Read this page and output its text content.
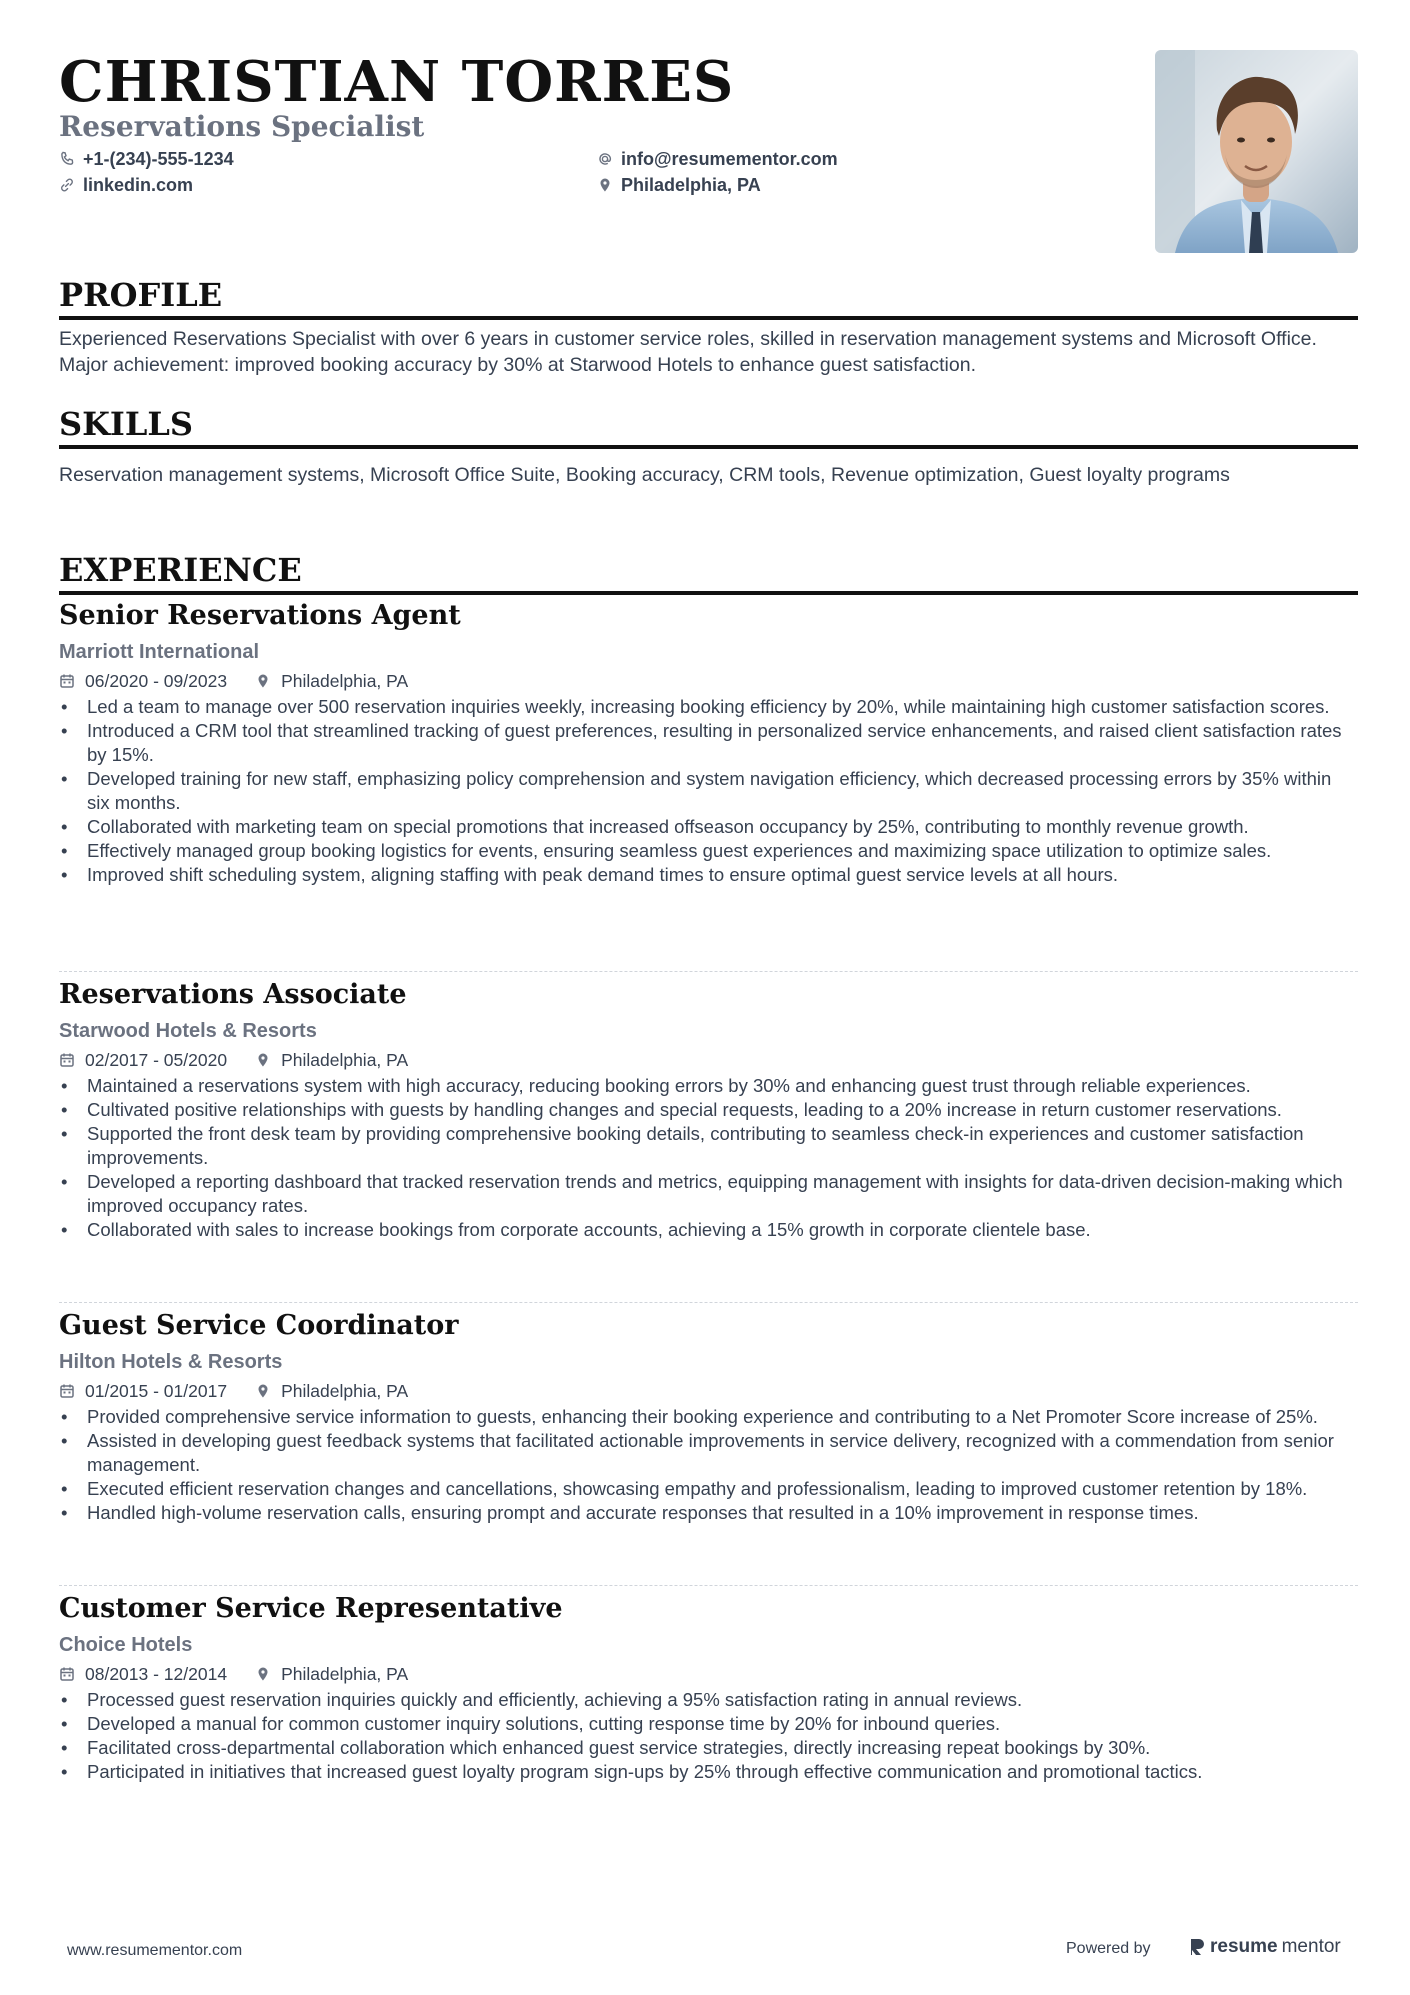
CHRISTIAN TORRES
Reservations Specialist
+1-(234)-555-1234	info@resumementor.com
linkedin.com	Philadelphia, PA
PROFILE

Experienced Reservations Specialist with over 6 years in customer service roles, skilled in reservation management systems and Microsoft Office. Major achievement: improved booking accuracy by 30% at Starwood Hotels to enhance guest satisfaction.

SKILLS

Reservation management systems, Microsoft Office Suite, Booking accuracy, CRM tools, Revenue optimization, Guest loyalty programs

EXPERIENCE
Senior Reservations Agent
Marriott International
06/2020 - 09/2023	Philadelphia, PA
• Led a team to manage over 500 reservation inquiries weekly, increasing booking efficiency by 20%, while maintaining high customer satisfaction scores.
• Introduced a CRM tool that streamlined tracking of guest preferences, resulting in personalized service enhancements, and raised client satisfaction rates by 15%.
• Developed training for new staff, emphasizing policy comprehension and system navigation efficiency, which decreased processing errors by 35% within six months.
• Collaborated with marketing team on special promotions that increased offseason occupancy by 25%, contributing to monthly revenue growth.
• Effectively managed group booking logistics for events, ensuring seamless guest experiences and maximizing space utilization to optimize sales.
• Improved shift scheduling system, aligning staffing with peak demand times to ensure optimal guest service levels at all hours.
Reservations Associate
Starwood Hotels & Resorts
02/2017 - 05/2020	Philadelphia, PA
• Maintained a reservations system with high accuracy, reducing booking errors by 30% and enhancing guest trust through reliable experiences.
• Cultivated positive relationships with guests by handling changes and special requests, leading to a 20% increase in return customer reservations.
• Supported the front desk team by providing comprehensive booking details, contributing to seamless check-in experiences and customer satisfaction improvements.
• Developed a reporting dashboard that tracked reservation trends and metrics, equipping management with insights for data-driven decision-making which improved occupancy rates.
• Collaborated with sales to increase bookings from corporate accounts, achieving a 15% growth in corporate clientele base.
Guest Service Coordinator
Hilton Hotels & Resorts
01/2015 - 01/2017	Philadelphia, PA
• Provided comprehensive service information to guests, enhancing their booking experience and contributing to a Net Promoter Score increase of 25%.
• Assisted in developing guest feedback systems that facilitated actionable improvements in service delivery, recognized with a commendation from senior management.
• Executed efficient reservation changes and cancellations, showcasing empathy and professionalism, leading to improved customer retention by 18%.
• Handled high-volume reservation calls, ensuring prompt and accurate responses that resulted in a 10% improvement in response times.
Customer Service Representative
Choice Hotels
08/2013 - 12/2014	Philadelphia, PA
• Processed guest reservation inquiries quickly and efficiently, achieving a 95% satisfaction rating in annual reviews.
• Developed a manual for common customer inquiry solutions, cutting response time by 20% for inbound queries.
• Facilitated cross-departmental collaboration which enhanced guest service strategies, directly increasing repeat bookings by 30%.
• Participated in initiatives that increased guest loyalty program sign-ups by 25% through effective communication and promotional tactics.
www.resumementor.com	Powered by	resume mentor
